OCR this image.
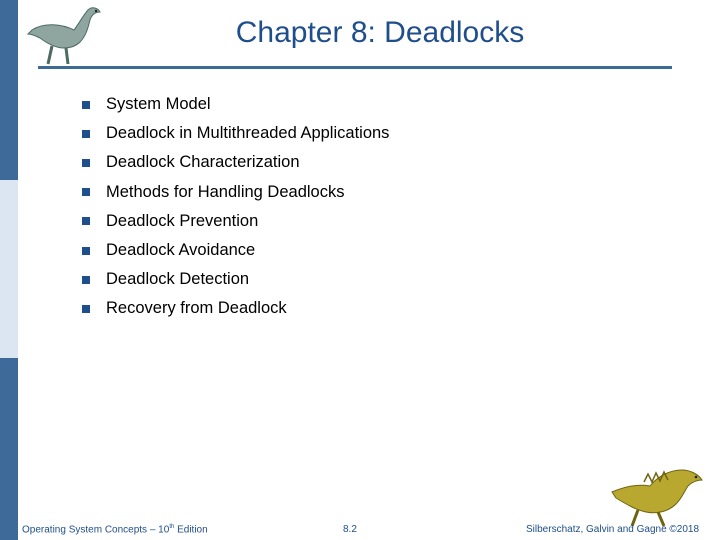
Chapter 8: Deadlocks
System Model
Deadlock in Multithreaded Applications
Deadlock Characterization
Methods for Handling Deadlocks
Deadlock Prevention
Deadlock Avoidance
Deadlock Detection
Recovery from Deadlock
Operating System Concepts – 10th Edition	8.2	Silberschatz, Galvin and Gagne ©2018
